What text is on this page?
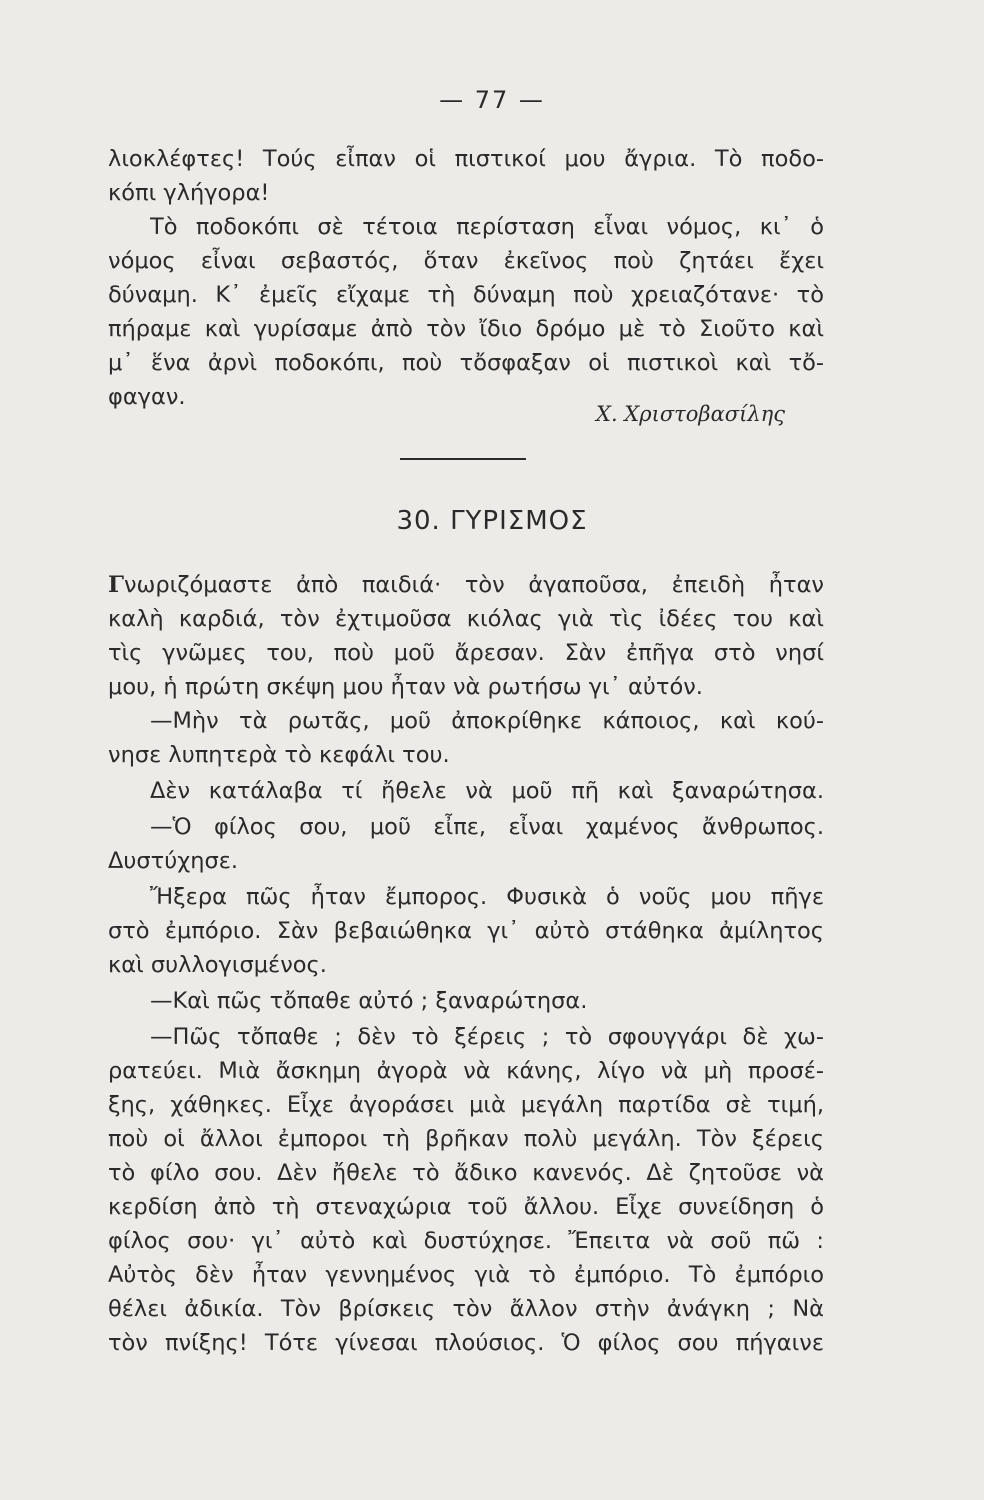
— 77 —
λιοκλέφτες! Τούς εἶπαν οἱ πιστικοί μου ἄγρια. Τὸ ποδο-
κόπι γλήγορα!
Τὸ ποδοκόπι σὲ τέτοια περίσταση εἶναι νόμος, κι᾽ ὁ
νόμος εἶναι σεβαστός, ὅταν ἐκεῖνος ποὺ ζητάει ἔχει
δύναμη. Κ᾽ ἐμεῖς εἴχαμε τὴ δύναμη ποὺ χρειαζότανε· τὸ
πήραμε καὶ γυρίσαμε ἀπὸ τὸν ἴδιο δρόμο μὲ τὸ Σιοῦτο καὶ
μ᾽ ἕνα ἀρνὶ ποδοκόπι, ποὺ τὄσφαξαν οἱ πιστικοὶ καὶ τὄ-
φαγαν.
Χ. Χριστοβασίλης
30. ΓΥΡΙΣΜΟΣ
Γνωριζόμαστε ἀπὸ παιδιά· τὸν ἀγαποῦσα, ἐπειδὴ ἦταν
καλὴ καρδιά, τὸν ἐχτιμοῦσα κιόλας γιὰ τὶς ἰδέες του καὶ
τὶς γνῶμες του, ποὺ μοῦ ἄρεσαν. Σὰν ἐπῆγα στὸ νησί
μου, ἡ πρώτη σκέψη μου ἦταν νὰ ρωτήσω γι᾽ αὐτόν.
—Μὴν τὰ ρωτᾶς, μοῦ ἀποκρίθηκε κάποιος, καὶ κού-
νησε λυπητερὰ τὸ κεφάλι του.
Δὲν κατάλαβα τί ἤθελε νὰ μοῦ πῆ καὶ ξαναρώτησα.
—Ὁ φίλος σου, μοῦ εἶπε, εἶναι χαμένος ἄνθρωπος.
Δυστύχησε.
Ἤξερα πῶς ἦταν ἔμπορος. Φυσικὰ ὁ νοῦς μου πῆγε
στὸ ἐμπόριο. Σὰν βεβαιώθηκα γι᾽ αὐτὸ στάθηκα ἀμίλητος
καὶ συλλογισμένος.
—Καὶ πῶς τὄπαθε αὐτό ; ξαναρώτησα.
—Πῶς τὄπαθε ; δὲν τὸ ξέρεις ; τὸ σφουγγάρι δὲ χω-
ρατεύει. Μιὰ ἄσκημη ἀγορὰ νὰ κάνης, λίγο νὰ μὴ προσέ-
ξης, χάθηκες. Εἶχε ἀγοράσει μιὰ μεγάλη παρτίδα σὲ τιμή,
ποὺ οἱ ἄλλοι ἐμποροι τὴ βρῆκαν πολὺ μεγάλη. Τὸν ξέρεις
τὸ φίλο σου. Δὲν ἤθελε τὸ ἄδικο κανενός. Δὲ ζητοῦσε νὰ
κερδίση ἀπὸ τὴ στεναχώρια τοῦ ἄλλου. Εἶχε συνείδηση ὁ
φίλος σου· γι᾽ αὐτὸ καὶ δυστύχησε. Ἔπειτα νὰ σοῦ πῶ :
Αὐτὸς δὲν ἦταν γεννημένος γιὰ τὸ ἐμπόριο. Τὸ ἐμπόριο
θέλει ἀδικία. Τὸν βρίσκεις τὸν ἄλλον στὴν ἀνάγκη ; Νὰ
τὸν πνίξης! Τότε γίνεσαι πλούσιος. Ὁ φίλος σου πήγαινε
